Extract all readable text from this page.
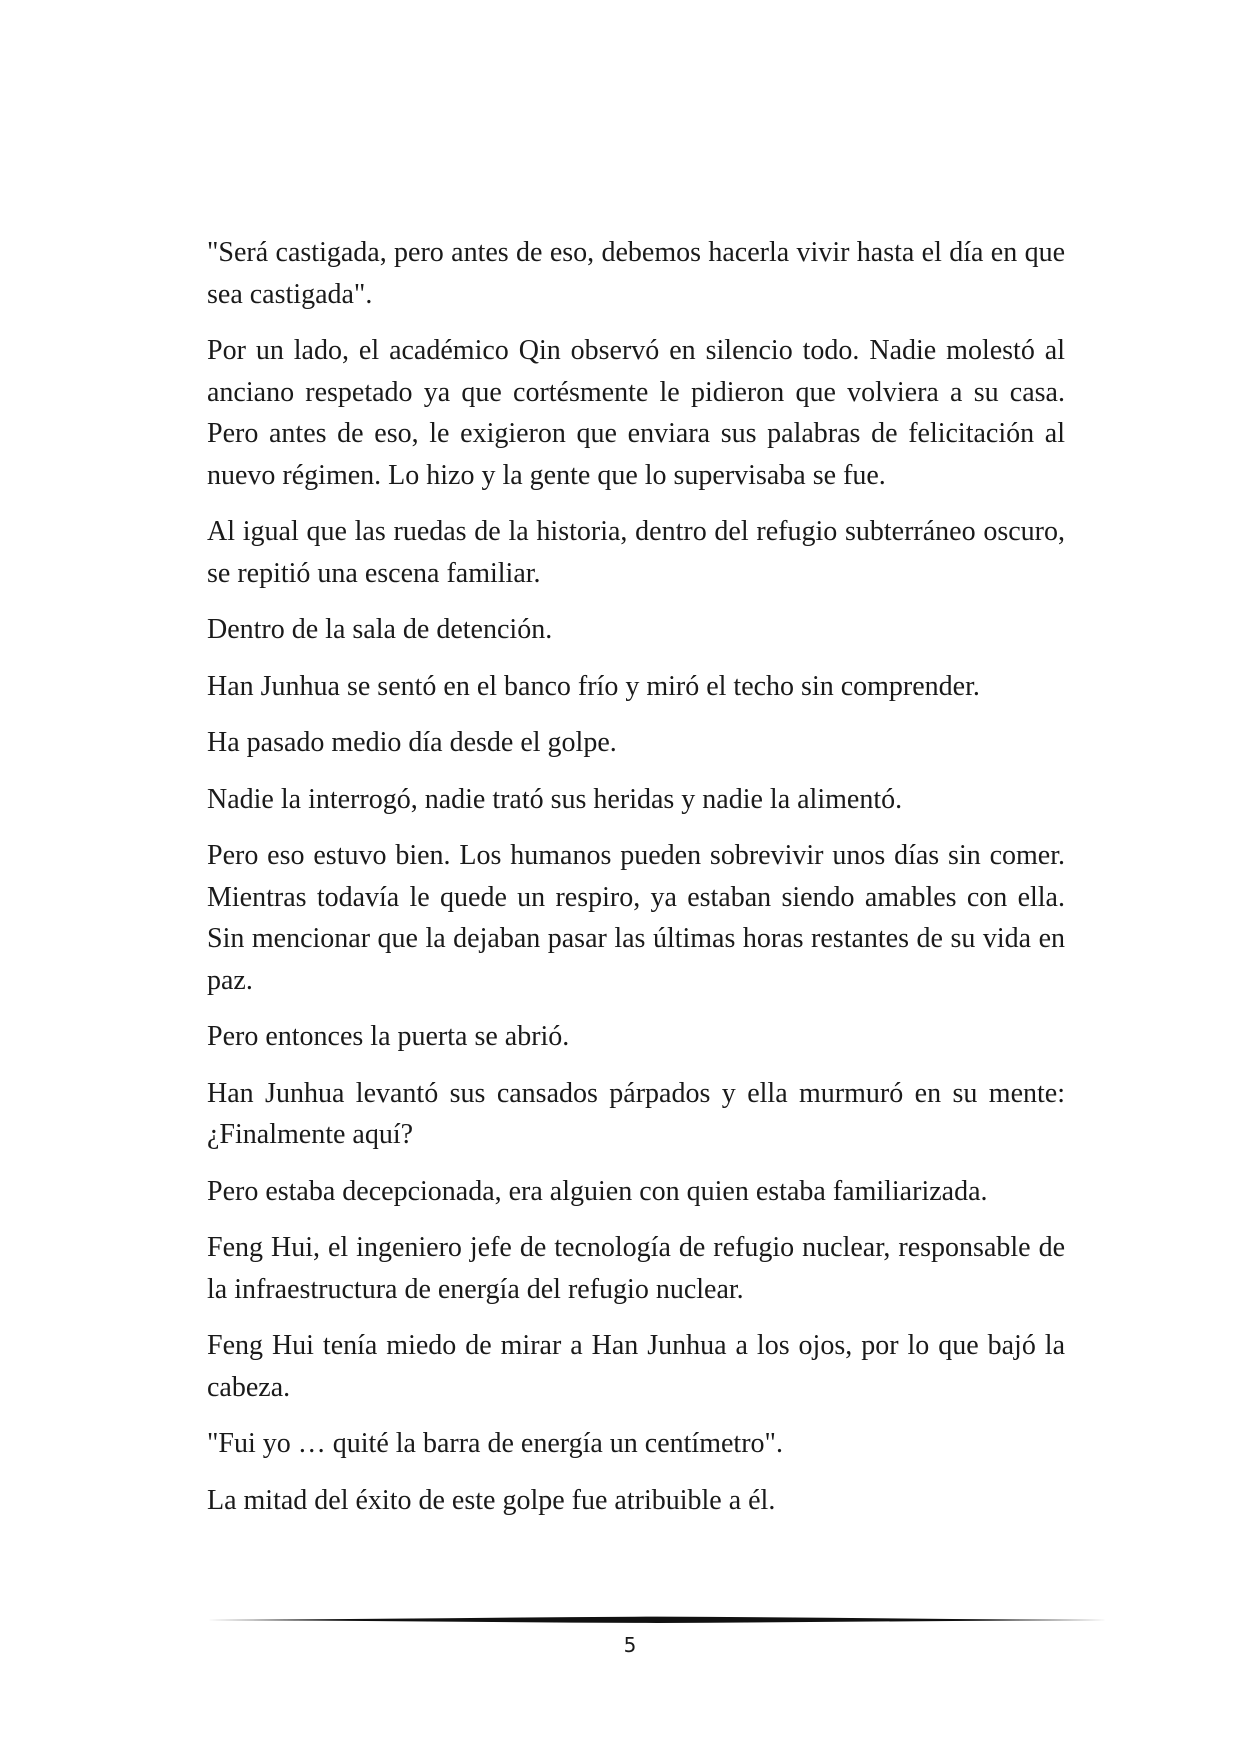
"Será castigada, pero antes de eso, debemos hacerla vivir hasta el día en que sea castigada".

Por un lado, el académico Qin observó en silencio todo. Nadie molestó al anciano respetado ya que cortésmente le pidieron que volviera a su casa. Pero antes de eso, le exigieron que enviara sus palabras de felicitación al nuevo régimen. Lo hizo y la gente que lo supervisaba se fue.

Al igual que las ruedas de la historia, dentro del refugio subterráneo oscuro, se repitió una escena familiar.

Dentro de la sala de detención.

Han Junhua se sentó en el banco frío y miró el techo sin comprender.

Ha pasado medio día desde el golpe.

Nadie la interrogó, nadie trató sus heridas y nadie la alimentó.

Pero eso estuvo bien. Los humanos pueden sobrevivir unos días sin comer. Mientras todavía le quede un respiro, ya estaban siendo amables con ella. Sin mencionar que la dejaban pasar las últimas horas restantes de su vida en paz.

Pero entonces la puerta se abrió.

Han Junhua levantó sus cansados párpados y ella murmuró en su mente: ¿Finalmente aquí?

Pero estaba decepcionada, era alguien con quien estaba familiarizada.

Feng Hui, el ingeniero jefe de tecnología de refugio nuclear, responsable de la infraestructura de energía del refugio nuclear.

Feng Hui tenía miedo de mirar a Han Junhua a los ojos, por lo que bajó la cabeza.

"Fui yo … quité la barra de energía un centímetro".

La mitad del éxito de este golpe fue atribuible a él.

5
